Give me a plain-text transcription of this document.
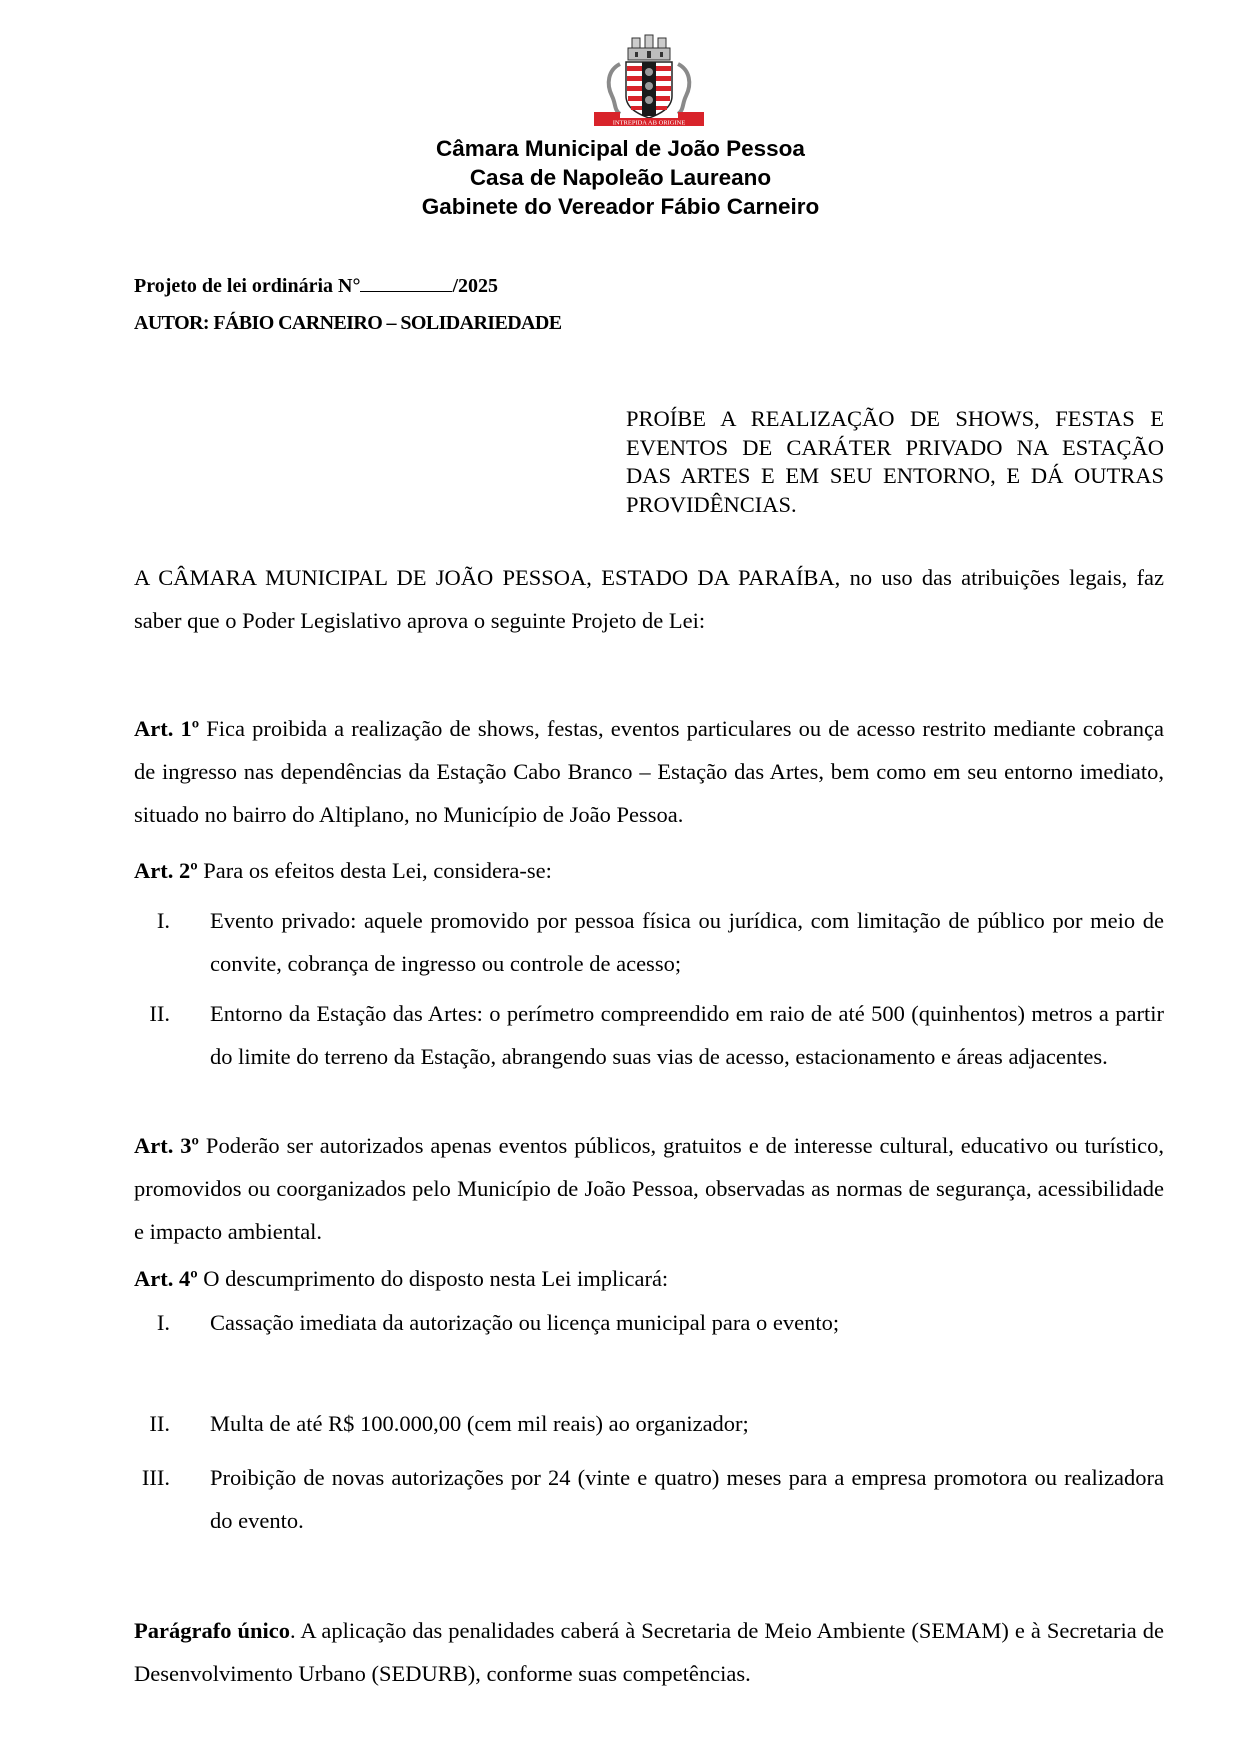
INTREPIDA AB ORIGINE
Câmara Municipal de João Pessoa
Casa de Napoleão Laureano
Gabinete do Vereador Fábio Carneiro
Projeto de lei ordinária N°	/2025
AUTOR: FÁBIO CARNEIRO – SOLIDARIEDADE
PROÍBE A REALIZAÇÃO DE SHOWS, FESTAS E EVENTOS DE CARÁTER PRIVADO NA ESTAÇÃO DAS ARTES E EM SEU ENTORNO, E DÁ OUTRAS PROVIDÊNCIAS.
A CÂMARA MUNICIPAL DE JOÃO PESSOA, ESTADO DA PARAÍBA, no uso das atribuições legais, faz saber que o Poder Legislativo aprova o seguinte Projeto de Lei:
Art. 1º Fica proibida a realização de shows, festas, eventos particulares ou de acesso restrito mediante cobrança de ingresso nas dependências da Estação Cabo Branco – Estação das Artes, bem como em seu entorno imediato, situado no bairro do Altiplano, no Município de João Pessoa.
Art. 2º Para os efeitos desta Lei, considera-se:
I. Evento privado: aquele promovido por pessoa física ou jurídica, com limitação de público por meio de convite, cobrança de ingresso ou controle de acesso;
II. Entorno da Estação das Artes: o perímetro compreendido em raio de até 500 (quinhentos) metros a partir do limite do terreno da Estação, abrangendo suas vias de acesso, estacionamento e áreas adjacentes.
Art. 3º Poderão ser autorizados apenas eventos públicos, gratuitos e de interesse cultural, educativo ou turístico, promovidos ou coorganizados pelo Município de João Pessoa, observadas as normas de segurança, acessibilidade e impacto ambiental.
Art. 4º O descumprimento do disposto nesta Lei implicará:
I. Cassação imediata da autorização ou licença municipal para o evento;
II. Multa de até R$ 100.000,00 (cem mil reais) ao organizador;
III. Proibição de novas autorizações por 24 (vinte e quatro) meses para a empresa promotora ou realizadora do evento.
Parágrafo único. A aplicação das penalidades caberá à Secretaria de Meio Ambiente (SEMAM) e à Secretaria de Desenvolvimento Urbano (SEDURB), conforme suas competências.
